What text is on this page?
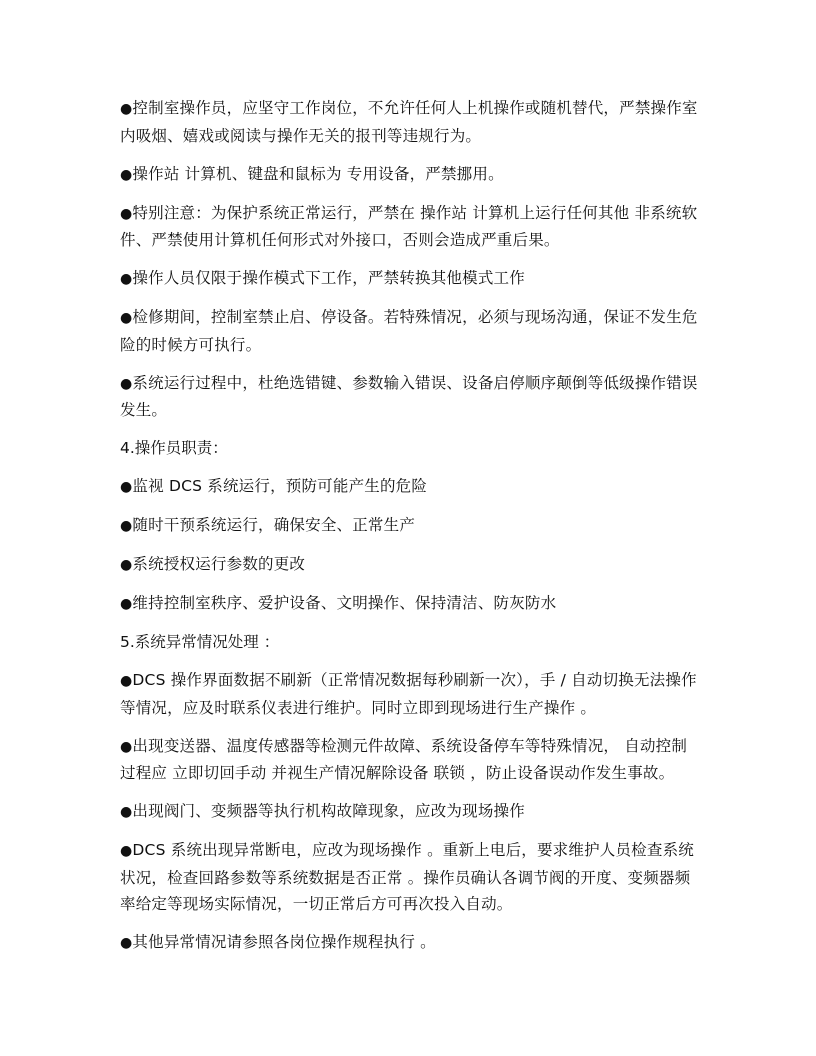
●控制室操作员，应坚守工作岗位，不允许任何人上机操作或随机替代，严禁操作室内吸烟、嬉戏或阅读与操作无关的报刊等违规行为。

●操作站 计算机、键盘和鼠标为 专用设备，严禁挪用。

●特别注意：为保护系统正常运行，严禁在 操作站 计算机上运行任何其他 非系统软件、严禁使用计算机任何形式对外接口，否则会造成严重后果。

●操作人员仅限于操作模式下工作，严禁转换其他模式工作

●检修期间，控制室禁止启、停设备。若特殊情况，必须与现场沟通，保证不发生危险的时候方可执行。

●系统运行过程中，杜绝选错键、参数输入错误、设备启停顺序颠倒等低级操作错误发生。

4.操作员职责：

●监视 DCS 系统运行，预防可能产生的危险

●随时干预系统运行，确保安全、正常生产

●系统授权运行参数的更改

●维持控制室秩序、爱护设备、文明操作、保持清洁、防灰防水

5.系统异常情况处理 ：

●DCS 操作界面数据不刷新（正常情况数据每秒刷新一次），手 / 自动切换无法操作等情况，应及时联系仪表进行维护。同时立即到现场进行生产操作 。

●出现变送器、温度传感器等检测元件故障、系统设备停车等特殊情况， 自动控制过程应 立即切回手动 并视生产情况解除设备 联锁 ，防止设备误动作发生事故。

●出现阀门、变频器等执行机构故障现象，应改为现场操作

●DCS 系统出现异常断电，应改为现场操作 。重新上电后，要求维护人员检查系统状况，检查回路参数等系统数据是否正常 。操作员确认各调节阀的开度、变频器频率给定等现场实际情况，一切正常后方可再次投入自动。

●其他异常情况请参照各岗位操作规程执行 。
